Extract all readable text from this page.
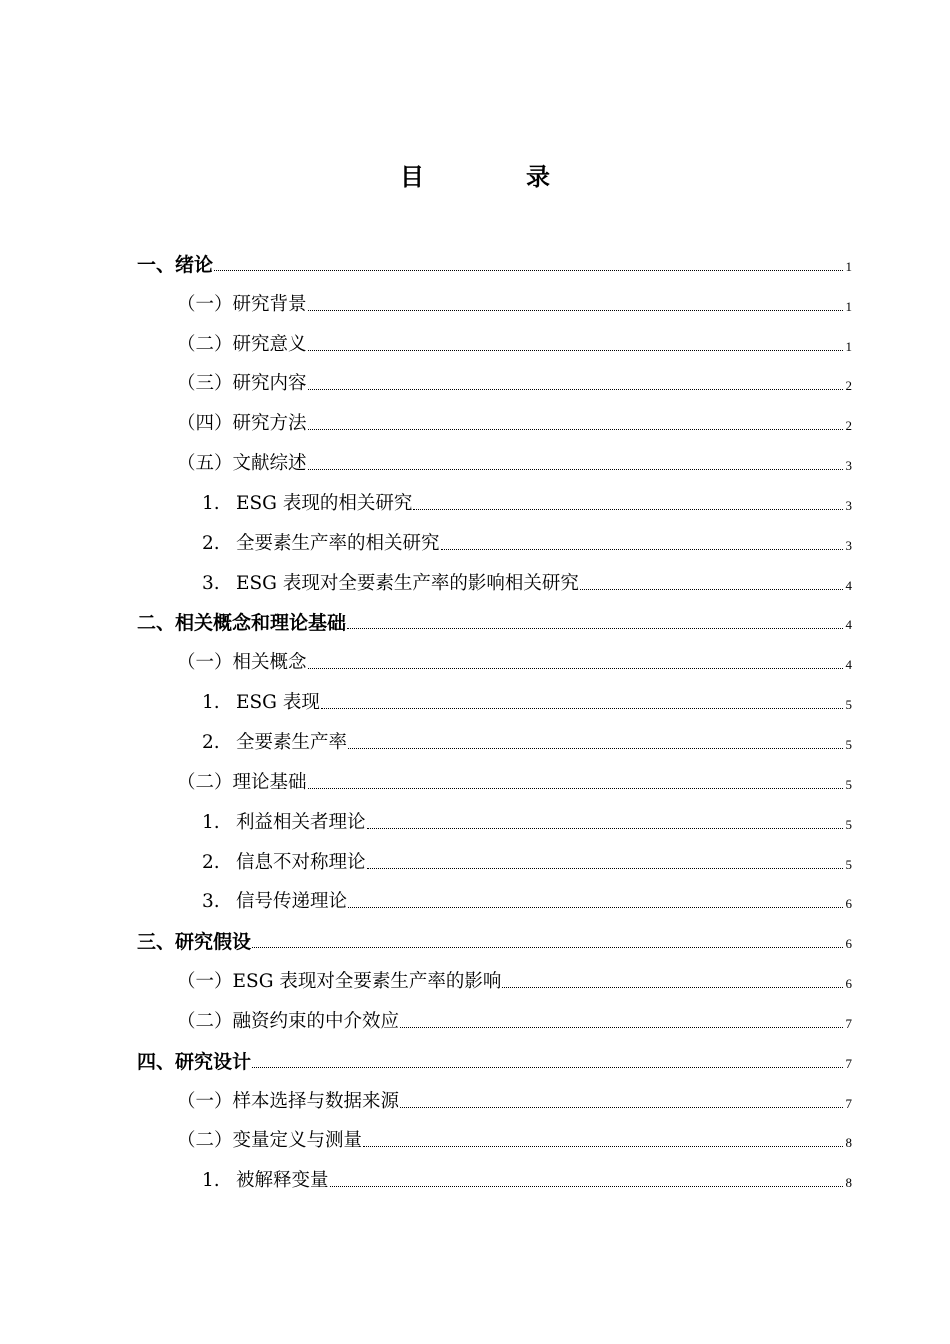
目	录
一、绪论	1
（一）研究背景	1
（二）研究意义	1
（三）研究内容	2
（四）研究方法	2
（五）文献综述	3
1. ESG 表现的相关研究	3
2. 全要素生产率的相关研究	3
3. ESG 表现对全要素生产率的影响相关研究	4
二、相关概念和理论基础	4
（一）相关概念	4
1. ESG 表现	5
2. 全要素生产率	5
（二）理论基础	5
1. 利益相关者理论	5
2. 信息不对称理论	5
3. 信号传递理论	6
三、研究假设	6
（一）ESG 表现对全要素生产率的影响	6
（二）融资约束的中介效应	7
四、研究设计	7
（一）样本选择与数据来源	7
（二）变量定义与测量	8
1. 被解释变量	8
